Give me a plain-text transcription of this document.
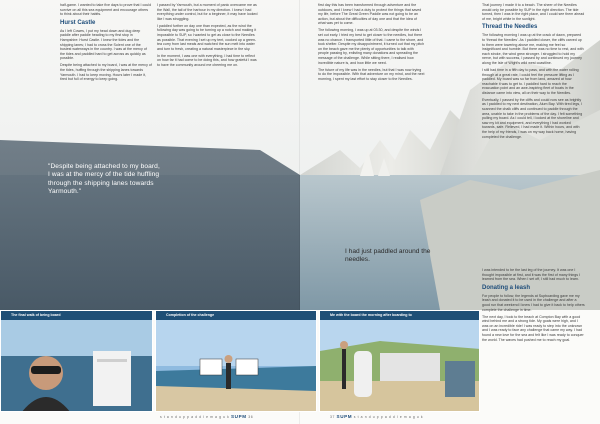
half-game. I wanted to take five days to prove that I could survive on all this sea equipment and encourage others to think about their habits.

Hurst Castle

As I left Cowes, I put my head down and dug deep paddle after paddle heading to my first stop in Hampshire: Hurst Castle. I knew the tides and the shipping lanes; I had to cross the Solent one of the busiest waterways in the country. I was at the mercy of the tides and paddled hard to get across as quickly as possible.

Despite being attached to my board, I was at the mercy of the tides, huffing through the shipping lanes towards Yarmouth. I had to keep moving. Hours later I made it, tired but full of energy to keep going.

I passed by Yarmouth, but a moment of panic overcame me as the Wall, the tail of the harbour in my direction. I knew I had everything under control, but for a beginner, it may have looked like I was struggling.

I paddled further on day one than expected, as the wind the following day was going to be turning up a notch and making it impossible to SUP, so I wanted to get as close to the Needles as possible. That evening I set up my tent, cooked up a green-tea curry from last meals and watched the sun melt into water and turn to fresh, creating a natural masterpiece in the sky.

In the moment, I was one with everything, I had time to reflect on how far it had come to be doing this, and how grateful I was to have the community around me cheering me on.

first day this has been transformed through adventure and the outdoors, and I knew I had a duty to protect the things that saved my life, before The Great Green Paddle was not going to be an action, but about the difficulties of day one and that the idea of what was yet to come.

The following morning, I was up at 03:30, and despite the winds I set out early. I tried my best to get closer to the needles, but there was no chance. I transported little of that. I came to the shore, and took shelter. Despite my disappointment, it turned out that my pitch on the beach gave me the plenty of opportunities to talk with people passing by, enlisting many donations and spreading the message of the challenge. While sitting there, I realised how incredible nature is, and how little we need.

The future of my life was in the needles, but that I was now trying to do the impossible. With that adventure on my mind, and the next morning, I spent my last effort to stay closer to the Needles.

That journey I made it to a beach. The sheer of the Needles would only be possible by SUP in the right direction. The tide turned, then I was in the right place, and I could see them ahead of me, bright white in the sunlight.

Thread the Needles

The following morning I was up at the crack of dawn, prepared to 'thread the Needles'. As I paddled closer, the cliffs carved up to them were towering above me, making me feel so insignificant and humble. But there was no time to rest, and with each stroke, the wind grew stronger. I struggled to hold my nerve, but with success, I passed by and continued my journey along the Isle of Wight's wild west coastline.

I still had time in a fifth day to pass, and with the water rolling through at a great rate, I could feel the pressure lifting as I paddled. My board was so far from land, amazed at how reachable it was to get to. I paddled hard to reach the evacuation point and an awe-inspiring fleet of boats in the distance came into view, all on their way to the Needles.

Eventually, I passed by the cliffs and could now see as brightly as I paddled to my next destination, Alum Bay. With tired legs, I scanned the chalk cliffs and continued to paddle through the area, unable to take in the problems of the day. I felt something pulling my board. As I could tell, I looked at the shoreline and saw my kit and equipment, and everything I had worked towards, safe. Relieved, I had made it. Within hours, and with the help of my friends, I was on my way back home, having completed the challenge.

I was intended to be the last leg of the journey. It was one I thought impossible at first, and it was the first of many things I learned from the sea. When I set off, I still had much to learn.

Donating a leash

For people to follow, the legends at Supboarding gave me my leash and donated it to be used in the challenge and after a good run that weekend I knew I had to give it back to help others complete the challenge in time.

The next day, I took to the beach at Compton Bay with a good wind behind me and a strong tide. My goals were high, and I was on an incredible ride! I was ready to step into the unknown and I was ready to face any challenge that came my way. I had found a new love for the sea and felt like I was ready to conquer the world. The waves had pushed me to reach my goal.

"Despite being attached to my board, I was at the mercy of the tide huffling through the shipping lanes towards Yarmouth."
I had just paddled around the needles.
The final walk of being board	Completion of the challenge	Me with the board the morning after boarding to
s t a n d u p p a d d l e m a g u k SUPM 36	37 SUPM s t a n d u p p a d d l e m a g u k
